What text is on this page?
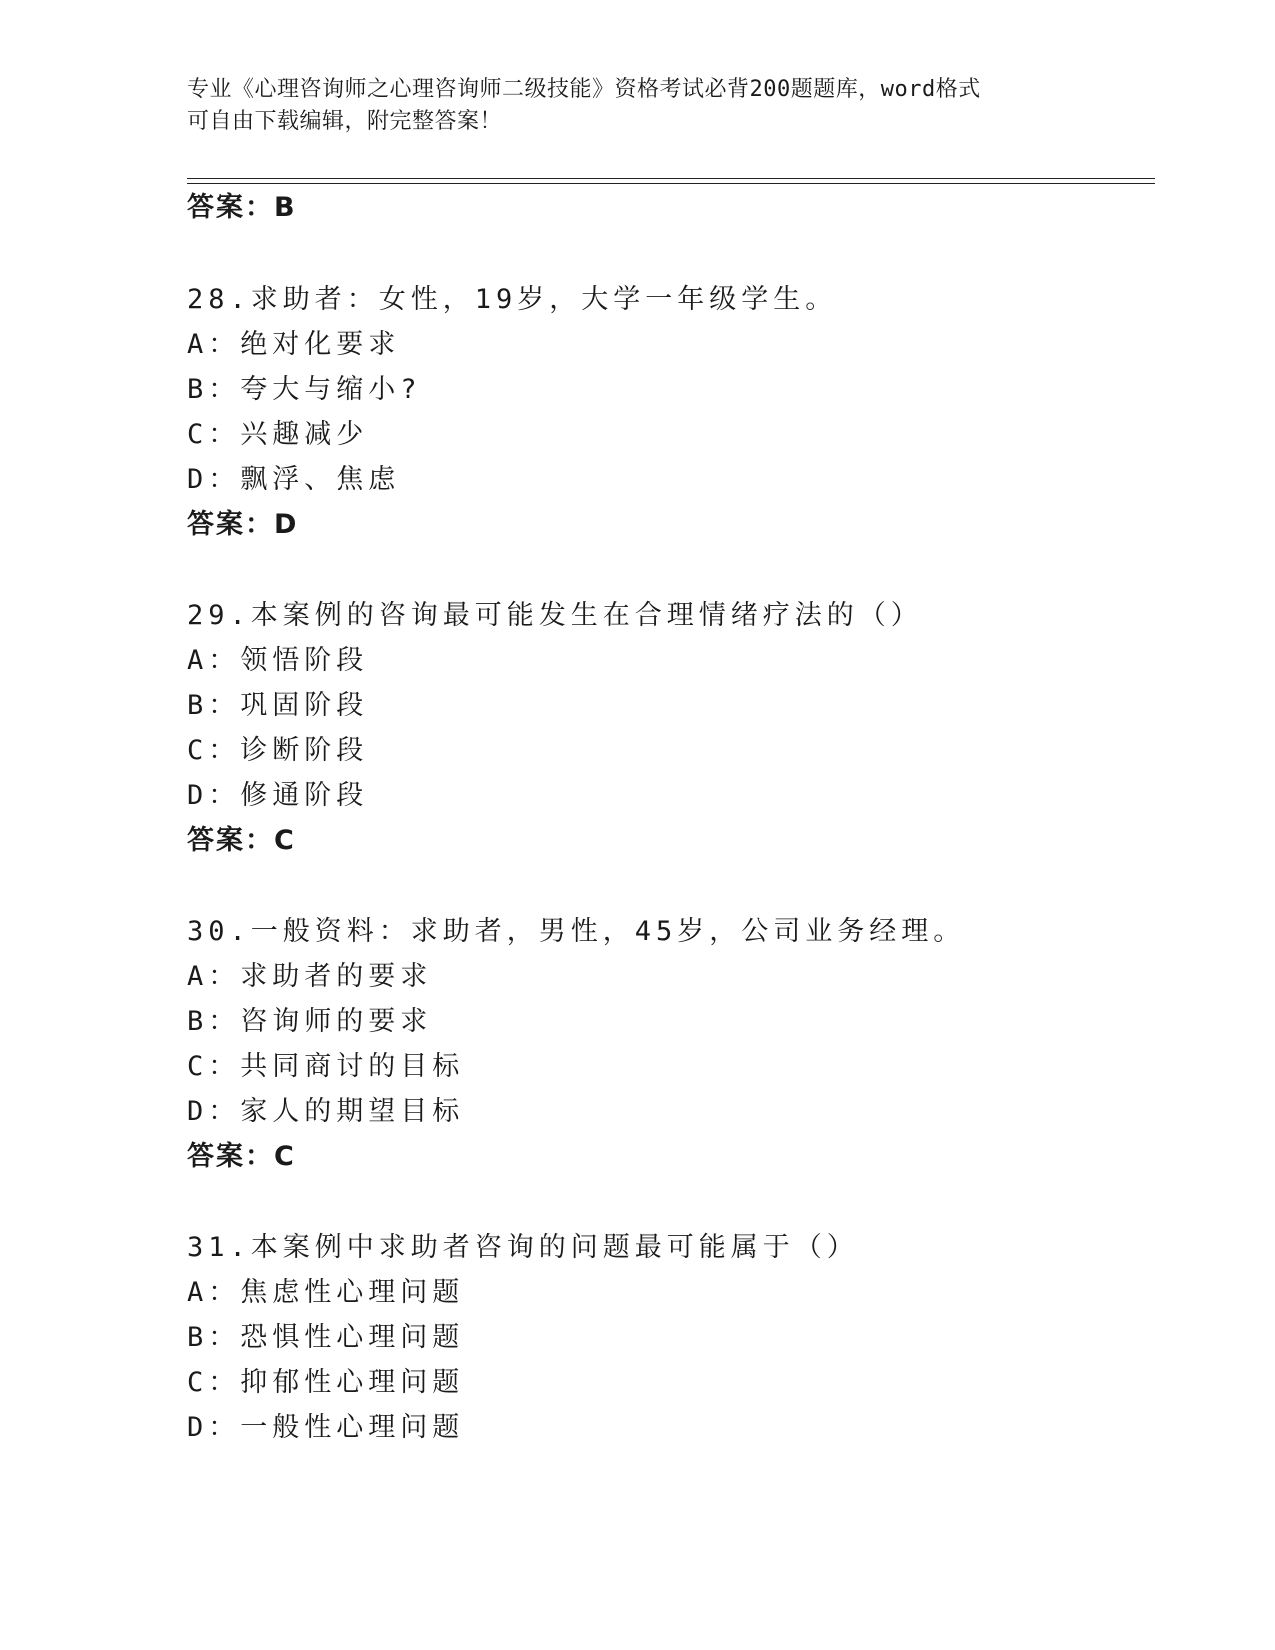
专业《心理咨询师之心理咨询师二级技能》资格考试必背200题题库，word格式
可自由下载编辑，附完整答案！
答案：B
28.求助者：女性，19岁，大学一年级学生。
A：绝对化要求
B：夸大与缩小?
C：兴趣减少
D：飘浮、焦虑
答案：D
29.本案例的咨询最可能发生在合理情绪疗法的（）
A：领悟阶段
B：巩固阶段
C：诊断阶段
D：修通阶段
答案：C
30.一般资料：求助者，男性，45岁，公司业务经理。
A：求助者的要求
B：咨询师的要求
C：共同商讨的目标
D：家人的期望目标
答案：C
31.本案例中求助者咨询的问题最可能属于（）
A：焦虑性心理问题
B：恐惧性心理问题
C：抑郁性心理问题
D：一般性心理问题
